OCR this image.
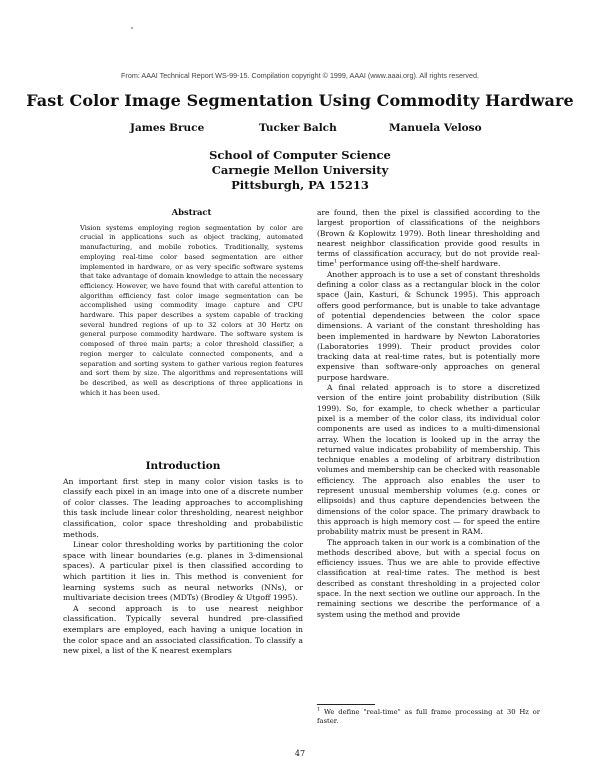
From: AAAI Technical Report WS-99-15. Compilation copyright © 1999, AAAI (www.aaai.org). All rights reserved.
Fast Color Image Segmentation Using Commodity Hardware
James Bruce	Tucker Balch	Manuela Veloso
School of Computer Science
Carnegie Mellon University
Pittsburgh, PA 15213
Abstract

Vision systems employing region segmentation by color are crucial in applications such as object tracking, automated manufacturing, and mobile robotics. Traditionally, systems employing real-time color based segmentation are either implemented in hardware, or as very specific software systems that take advantage of domain knowledge to attain the necessary efficiency. However, we have found that with careful attention to algorithm efficiency fast color image segmentation can be accomplished using commodity image capture and CPU hardware. This paper describes a system capable of tracking several hundred regions of up to 32 colors at 30 Hertz on general purpose commodity hardware. The software system is composed of three main parts; a color threshold classifier, a region merger to calculate connected components, and a separation and sorting system to gather various region features and sort them by size. The algorithms and representations will be described, as well as descriptions of three applications in which it has been used.

Introduction

An important first step in many color vision tasks is to classify each pixel in an image into one of a discrete number of color classes. The leading approaches to accomplishing this task include linear color thresholding, nearest neighbor classification, color space thresholding and probabilistic methods.

Linear color thresholding works by partitioning the color space with linear boundaries (e.g. planes in 3-dimensional spaces). A particular pixel is then classified according to which partition it lies in. This method is convenient for learning systems such as neural networks (NNs), or multivariate decision trees (MDTs) (Brodley & Utgoff 1995).

A second approach is to use nearest neighbor classification. Typically several hundred pre-classified exemplars are employed, each having a unique location in the color space and an associated classification. To classify a new pixel, a list of the K nearest exemplars

are found, then the pixel is classified according to the largest proportion of classifications of the neighbors (Brown & Koplowitz 1979). Both linear thresholding and nearest neighbor classification provide good results in terms of classification accuracy, but do not provide real-time$^1$ performance using off-the-shelf hardware.

Another approach is to use a set of constant thresholds defining a color class as a rectangular block in the color space (Jain, Kasturi, & Schunck 1995). This approach offers good performance, but is unable to take advantage of potential dependencies between the color space dimensions. A variant of the constant thresholding has been implemented in hardware by Newton Laboratories (Laboratories 1999). Their product provides color tracking data at real-time rates, but is potentially more expensive than software-only approaches on general purpose hardware.

A final related approach is to store a discretized version of the entire joint probability distribution (Silk 1999). So, for example, to check whether a particular pixel is a member of the color class, its individual color components are used as indices to a multi-dimensional array. When the location is looked up in the array the returned value indicates probability of membership. This technique enables a modeling of arbitrary distribution volumes and membership can be checked with reasonable efficiency. The approach also enables the user to represent unusual membership volumes (e.g. cones or ellipsoids) and thus capture dependencies between the dimensions of the color space. The primary drawback to this approach is high memory cost — for speed the entire probability matrix must be present in RAM.

The approach taken in our work is a combination of the methods described above, but with a special focus on efficiency issues. Thus we are able to provide effective classification at real-time rates. The method is best described as constant thresholding in a projected color space. In the next section we outline our approach. In the remaining sections we describe the performance of a system using the method and provide

$^1$ We define "real-time" as full frame processing at 30 Hz or faster.
47
